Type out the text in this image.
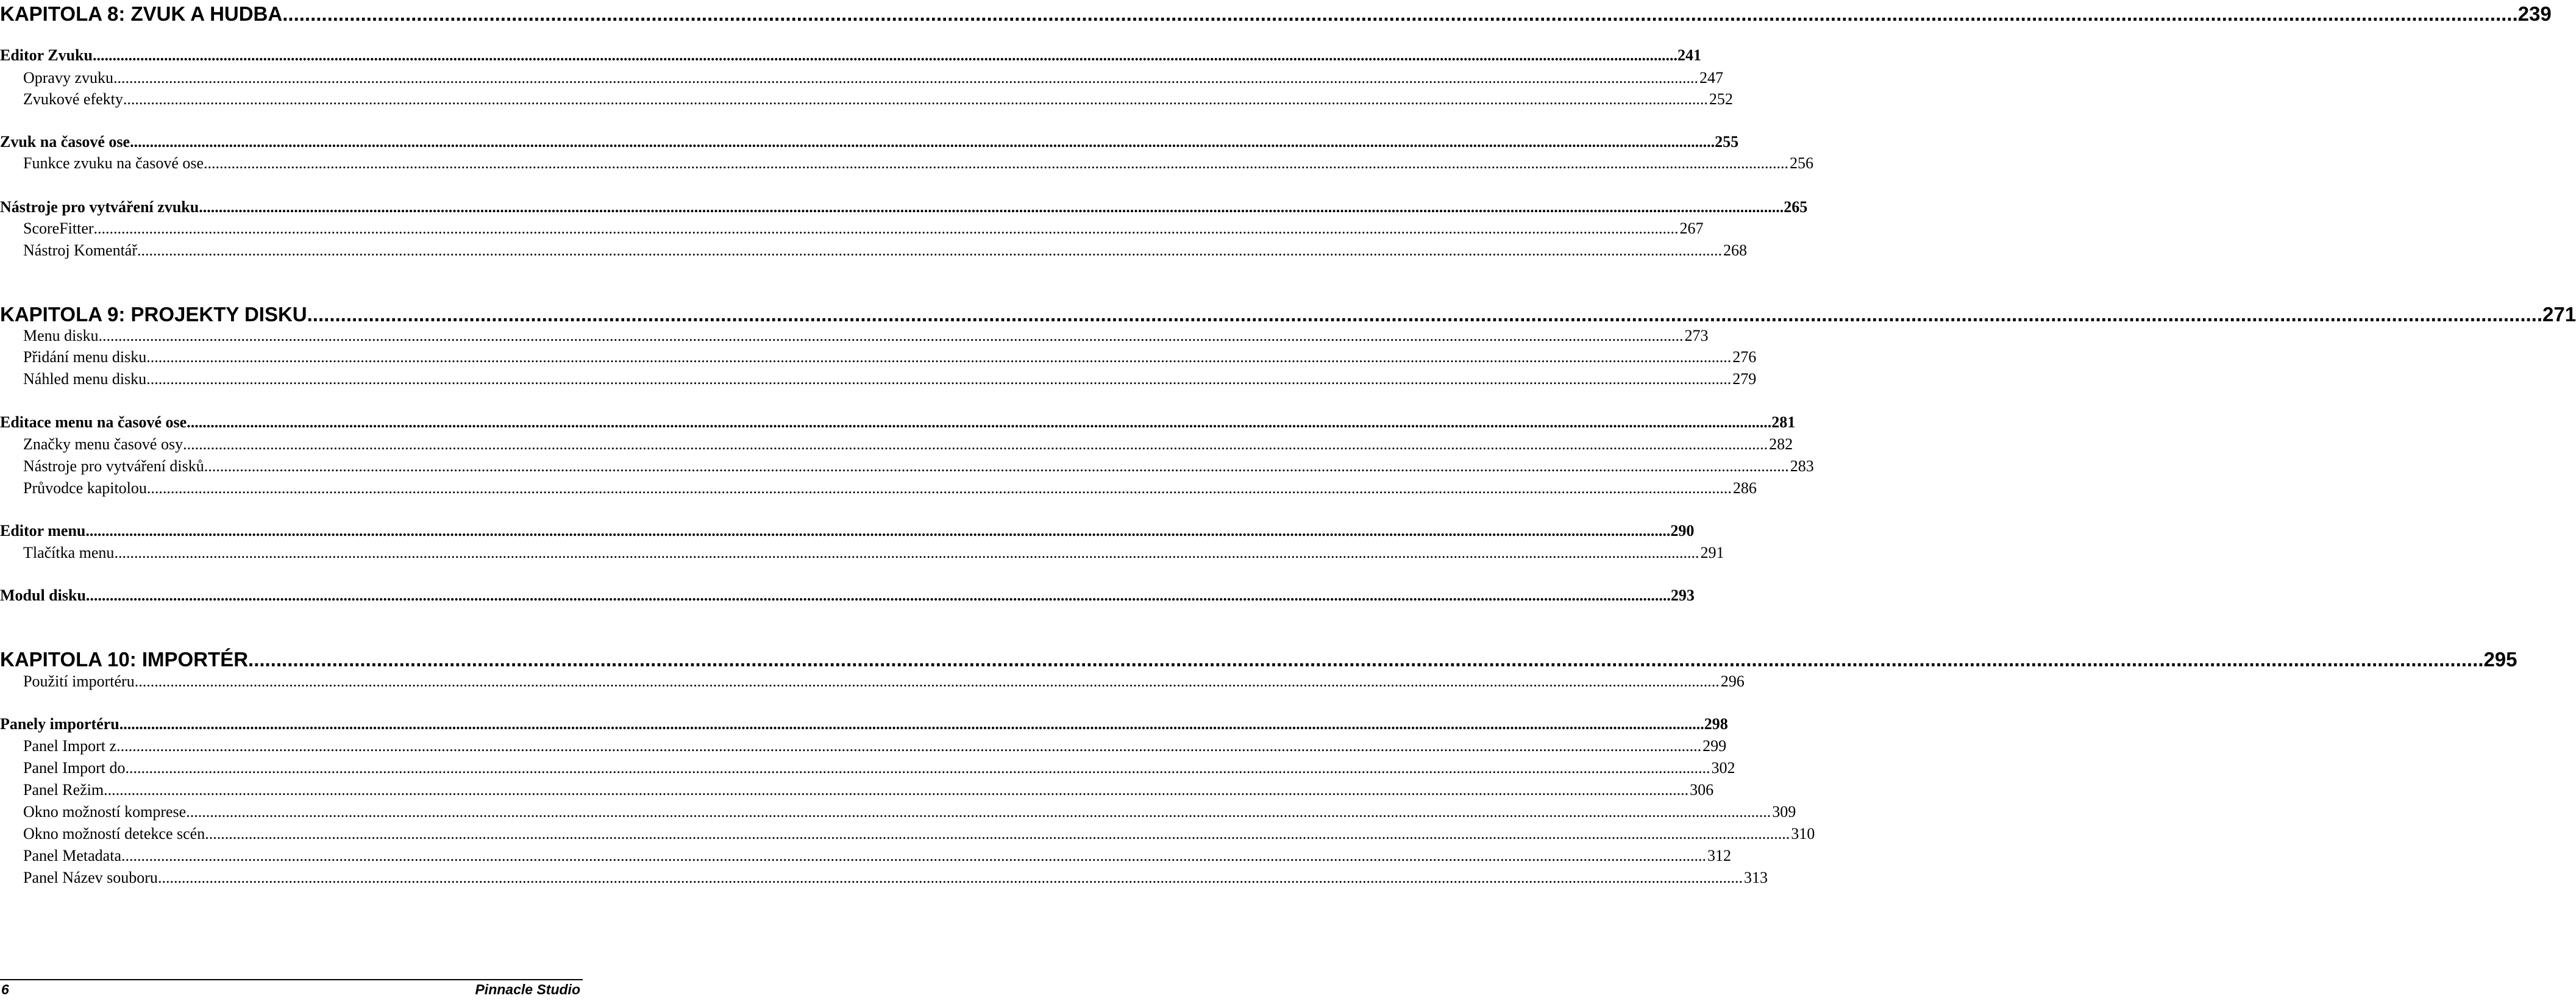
KAPITOLA 8: ZVUK A HUDBA ................................................................................................................................................................................................................................................................................................................................................................................................................ 239
Editor Zvuku ................................................................................................................................................................................................................................................................................................................................................................................................................ 241
Opravy zvuku ................................................................................................................................................................................................................................................................................................................................................................................................................ 247
Zvukové efekty ................................................................................................................................................................................................................................................................................................................................................................................................................ 252
Zvuk na časové ose ................................................................................................................................................................................................................................................................................................................................................................................................................ 255
Funkce zvuku na časové ose ................................................................................................................................................................................................................................................................................................................................................................................................................ 256
Nástroje pro vytváření zvuku ................................................................................................................................................................................................................................................................................................................................................................................................................ 265
ScoreFitter ................................................................................................................................................................................................................................................................................................................................................................................................................ 267
Nástroj Komentář ................................................................................................................................................................................................................................................................................................................................................................................................................ 268
KAPITOLA 9: PROJEKTY DISKU ................................................................................................................................................................................................................................................................................................................................................................................................................ 271
Menu disku ................................................................................................................................................................................................................................................................................................................................................................................................................ 273
Přidání menu disku ................................................................................................................................................................................................................................................................................................................................................................................................................ 276
Náhled menu disku ................................................................................................................................................................................................................................................................................................................................................................................................................ 279
Editace menu na časové ose ................................................................................................................................................................................................................................................................................................................................................................................................................ 281
Značky menu časové osy ................................................................................................................................................................................................................................................................................................................................................................................................................ 282
Nástroje pro vytváření disků ................................................................................................................................................................................................................................................................................................................................................................................................................ 283
Průvodce kapitolou ................................................................................................................................................................................................................................................................................................................................................................................................................ 286
Editor menu ................................................................................................................................................................................................................................................................................................................................................................................................................ 290
Tlačítka menu ................................................................................................................................................................................................................................................................................................................................................................................................................ 291
Modul disku ................................................................................................................................................................................................................................................................................................................................................................................................................ 293
KAPITOLA 10: IMPORTÉR ................................................................................................................................................................................................................................................................................................................................................................................................................ 295
Použití importéru ................................................................................................................................................................................................................................................................................................................................................................................................................ 296
Panely importéru ................................................................................................................................................................................................................................................................................................................................................................................................................ 298
Panel Import z ................................................................................................................................................................................................................................................................................................................................................................................................................ 299
Panel Import do ................................................................................................................................................................................................................................................................................................................................................................................................................ 302
Panel Režim ................................................................................................................................................................................................................................................................................................................................................................................................................ 306
Okno možností komprese ................................................................................................................................................................................................................................................................................................................................................................................................................ 309
Okno možností detekce scén ................................................................................................................................................................................................................................................................................................................................................................................................................ 310
Panel Metadata ................................................................................................................................................................................................................................................................................................................................................................................................................ 312
Panel Název souboru ................................................................................................................................................................................................................................................................................................................................................................................................................ 313
6	Pinnacle Studio
